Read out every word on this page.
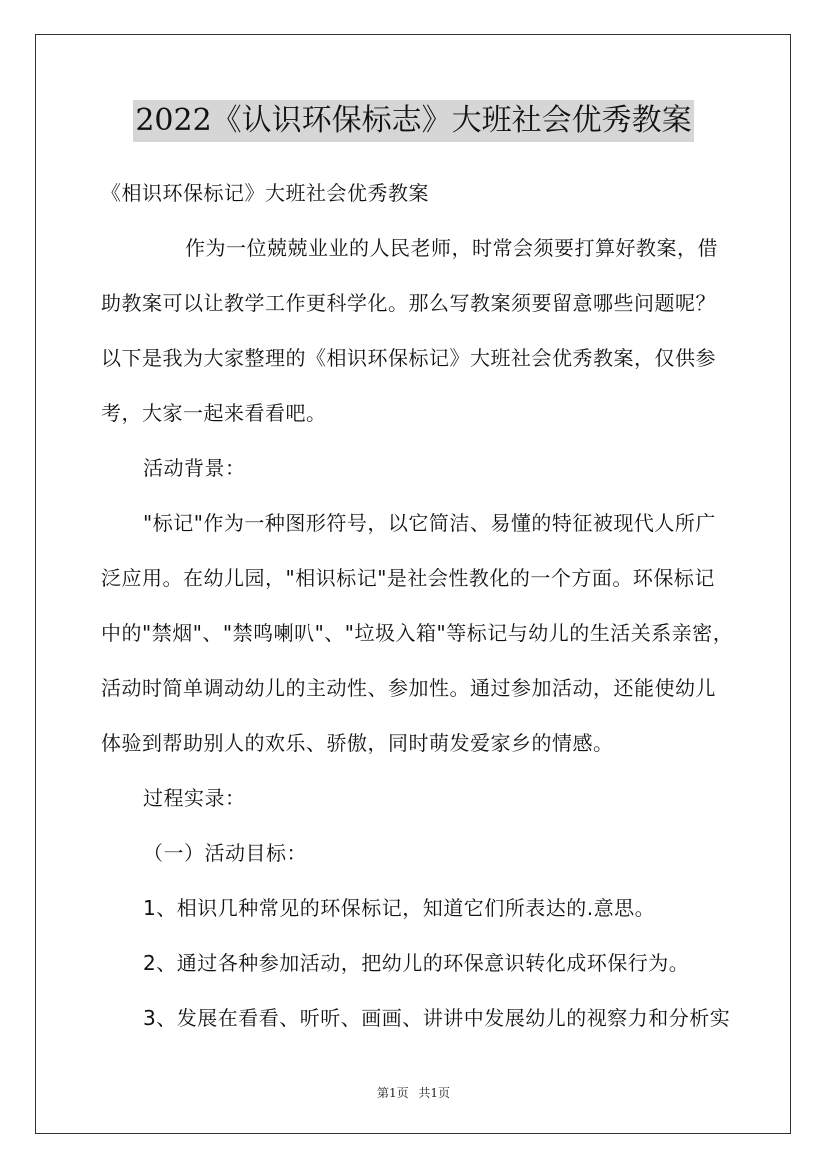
2022《认识环保标志》大班社会优秀教案
《相识环保标记》大班社会优秀教案
作为一位兢兢业业的人民老师，时常会须要打算好教案，借
助教案可以让教学工作更科学化。那么写教案须要留意哪些问题呢？
以下是我为大家整理的《相识环保标记》大班社会优秀教案，仅供参
考，大家一起来看看吧。
活动背景：
"标记"作为一种图形符号，以它简洁、易懂的特征被现代人所广
泛应用。在幼儿园，"相识标记"是社会性教化的一个方面。环保标记
中的"禁烟"、"禁鸣喇叭"、"垃圾入箱"等标记与幼儿的生活关系亲密，
活动时简单调动幼儿的主动性、参加性。通过参加活动，还能使幼儿
体验到帮助别人的欢乐、骄傲，同时萌发爱家乡的情感。
过程实录：
（一）活动目标：
1、相识几种常见的环保标记，知道它们所表达的.意思。
2、通过各种参加活动，把幼儿的环保意识转化成环保行为。
3、发展在看看、听听、画画、讲讲中发展幼儿的视察力和分析实
第1页 共1页
